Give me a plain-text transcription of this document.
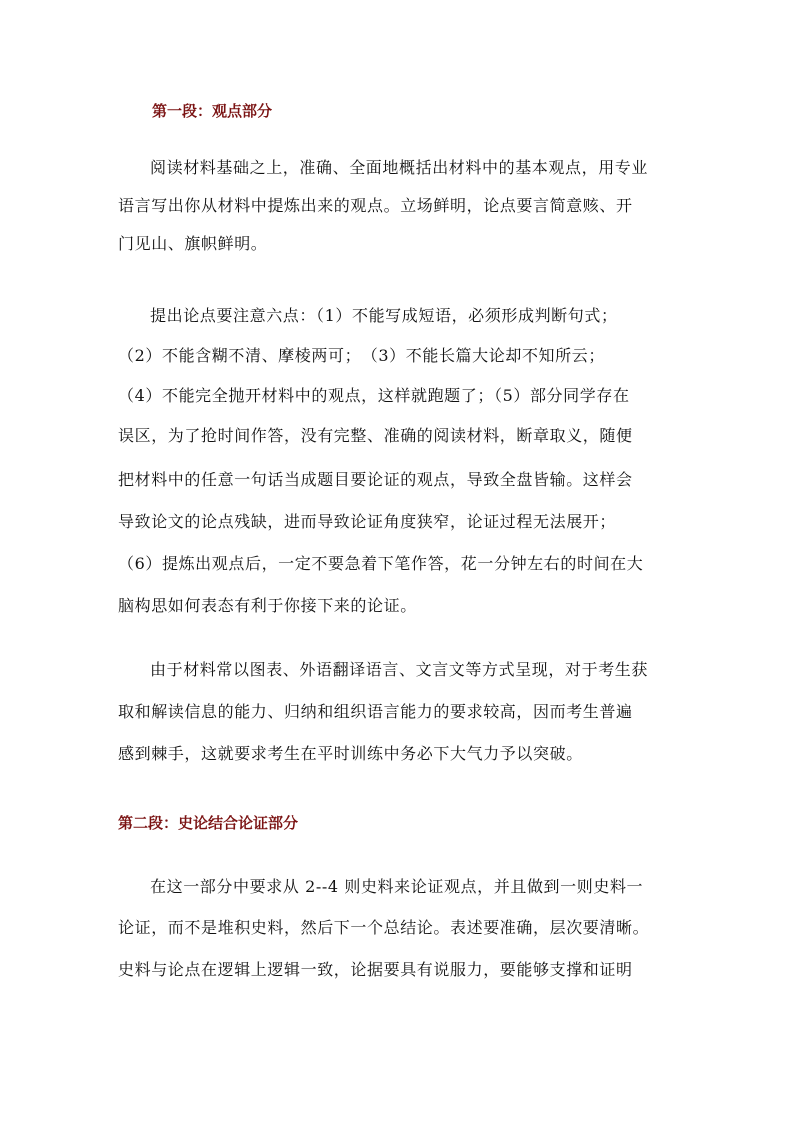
第一段：观点部分
阅读材料基础之上，准确、全面地概括出材料中的基本观点，用专业
语言写出你从材料中提炼出来的观点。立场鲜明，论点要言简意赅、开
门见山、旗帜鲜明。
提出论点要注意六点：（1）不能写成短语，必须形成判断句式；
（2）不能含糊不清、摩棱两可；　（3）不能长篇大论却不知所云；
（4）不能完全抛开材料中的观点，这样就跑题了；（5）部分同学存在
误区，为了抢时间作答，没有完整、准确的阅读材料，断章取义，随便
把材料中的任意一句话当成题目要论证的观点，导致全盘皆输。这样会
导致论文的论点残缺，进而导致论证角度狭窄，论证过程无法展开；
（6）提炼出观点后，一定不要急着下笔作答，花一分钟左右的时间在大
脑构思如何表态有利于你接下来的论证。
由于材料常以图表、外语翻译语言、文言文等方式呈现，对于考生获
取和解读信息的能力、归纳和组织语言能力的要求较高，因而考生普遍
感到棘手，这就要求考生在平时训练中务必下大气力予以突破。
第二段：史论结合论证部分
在这一部分中要求从 2--4 则史料来论证观点，并且做到一则史料一
论证，而不是堆积史料，然后下一个总结论。表述要准确，层次要清晰。
史料与论点在逻辑上逻辑一致，论据要具有说服力，要能够支撑和证明
